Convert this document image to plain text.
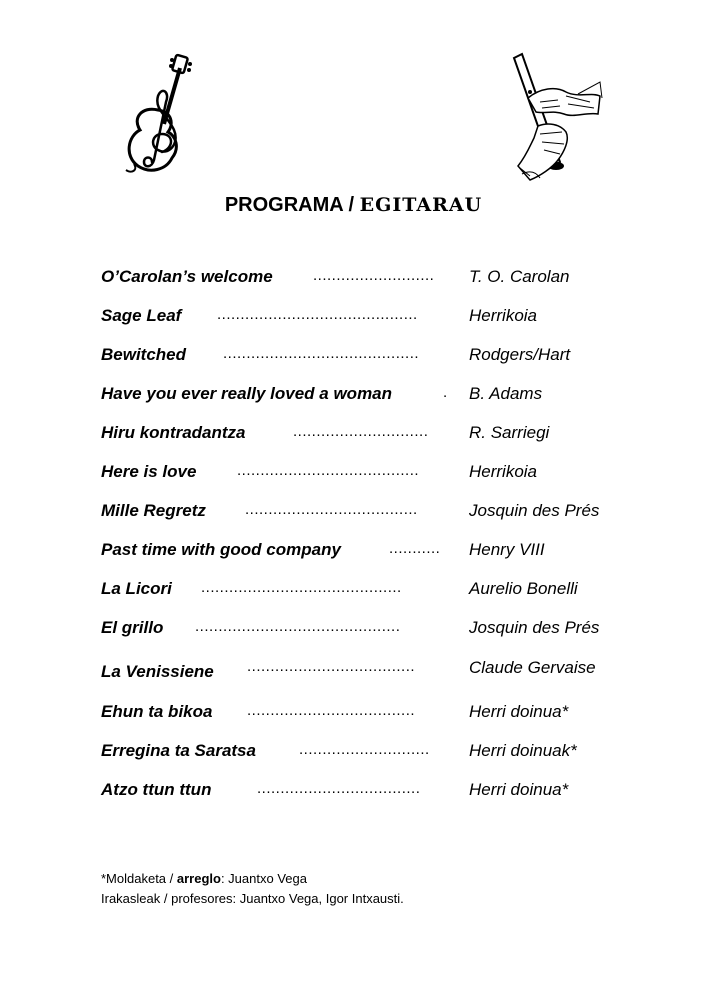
PROGRAMA / EGITARAU
O’Carolan’s welcome	.......................... T. O. Carolan
Sage Leaf ...........................................	Herrikoia
Bewitched ..........................................	Rodgers/Hart
Have you ever really loved a woman	. B. Adams
Hiru kontradantza	............................. R. Sarriegi
Here is love	.......................................	Herrikoia
Mille Regretz	.....................................	Josquin des Prés
Past time with good company	........... Henry VIII
La Licori ...........................................	Aurelio Bonelli
El grillo ............................................	Josquin des Prés
La Venissiene ....................................	Claude Gervaise
Ehun ta bikoa ....................................	Herri doinua*
Erregina ta Saratsa	............................ Herri doinuak*
Atzo ttun ttun	...................................	Herri doinua*
*Moldaketa / arreglo: Juantxo Vega
Irakasleak / profesores: Juantxo Vega, Igor Intxausti.
